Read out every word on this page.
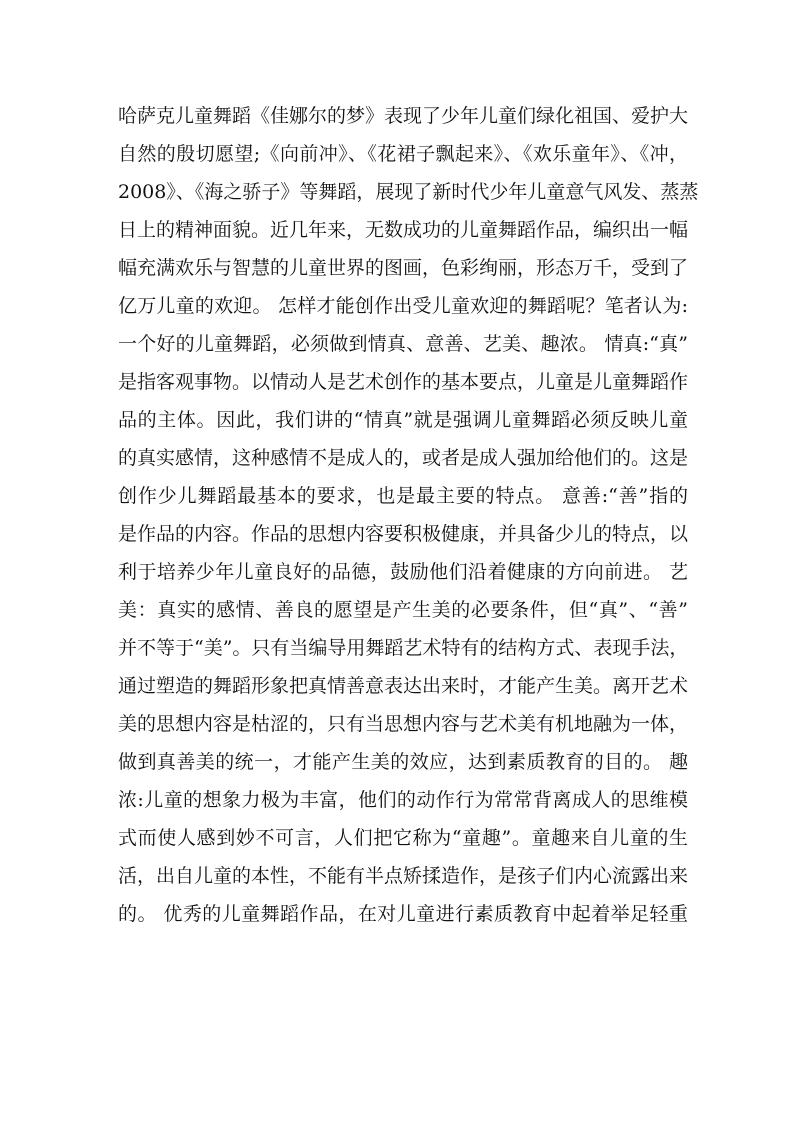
哈萨克儿童舞蹈《佳娜尔的梦》表现了少年儿童们绿化祖国、爱护大
自然的殷切愿望;《向前冲》、《花裙子飘起来》、《欢乐童年》、《冲，
2008》、《海之骄子》等舞蹈，展现了新时代少年儿童意气风发、蒸蒸
日上的精神面貌。近几年来，无数成功的儿童舞蹈作品，编织出一幅
幅充满欢乐与智慧的儿童世界的图画，色彩绚丽，形态万千，受到了
亿万儿童的欢迎。 怎样才能创作出受儿童欢迎的舞蹈呢？笔者认为:
一个好的儿童舞蹈，必须做到情真、意善、艺美、趣浓。 情真:“真”
是指客观事物。以情动人是艺术创作的基本要点，儿童是儿童舞蹈作
品的主体。因此，我们讲的“情真”就是强调儿童舞蹈必须反映儿童
的真实感情，这种感情不是成人的，或者是成人强加给他们的。这是
创作少儿舞蹈最基本的要求，也是最主要的特点。 意善:“善”指的
是作品的内容。作品的思想内容要积极健康，并具备少儿的特点，以
利于培养少年儿童良好的品德，鼓励他们沿着健康的方向前进。 艺
美：真实的感情、善良的愿望是产生美的必要条件，但“真”、“善”
并不等于“美”。只有当编导用舞蹈艺术特有的结构方式、表现手法，
通过塑造的舞蹈形象把真情善意表达出来时，才能产生美。离开艺术
美的思想内容是枯涩的，只有当思想内容与艺术美有机地融为一体，
做到真善美的统一，才能产生美的效应，达到素质教育的目的。 趣
浓:儿童的想象力极为丰富，他们的动作行为常常背离成人的思维模
式而使人感到妙不可言，人们把它称为“童趣”。童趣来自儿童的生
活，出自儿童的本性，不能有半点矫揉造作，是孩子们内心流露出来
的。 优秀的儿童舞蹈作品，在对儿童进行素质教育中起着举足轻重
